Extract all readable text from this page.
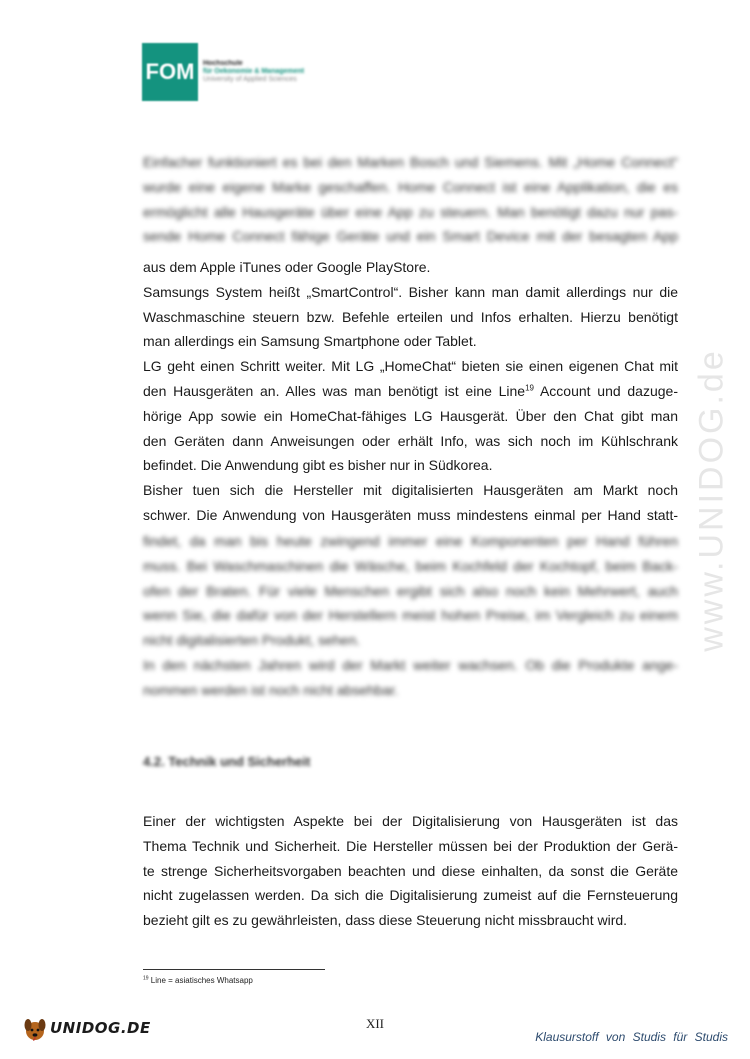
www.UNIDOG.de
FOM	Hochschule
für Oekonomie & Management
University of Applied Sciences
Einfacher funktioniert es bei den Marken Bosch und Siemens. Mit „Home Connect“
wurde eine eigene Marke geschaffen. Home Connect ist eine Applikation, die es
ermöglicht alle Hausgeräte über eine App zu steuern. Man benötigt dazu nur pas-
sende Home Connect fähige Geräte und ein Smart Device mit der besagten App
aus dem Apple iTunes oder Google PlayStore.
Samsungs System heißt „SmartControl“. Bisher kann man damit allerdings nur die
Waschmaschine steuern bzw. Befehle erteilen und Infos erhalten. Hierzu benötigt
man allerdings ein Samsung Smartphone oder Tablet.
LG geht einen Schritt weiter. Mit LG „HomeChat“ bieten sie einen eigenen Chat mit
den Hausgeräten an. Alles was man benötigt ist eine Line$^{19}$ Account und dazuge-
hörige App sowie ein HomeChat-fähiges LG Hausgerät. Über den Chat gibt man
den Geräten dann Anweisungen oder erhält Info, was sich noch im Kühlschrank
befindet. Die Anwendung gibt es bisher nur in Südkorea.
Bisher tuen sich die Hersteller mit digitalisierten Hausgeräten am Markt noch
schwer. Die Anwendung von Hausgeräten muss mindestens einmal per Hand statt-
findet, da man bis heute zwingend immer eine Komponenten per Hand führen
muss. Bei Waschmaschinen die Wäsche, beim Kochfeld der Kochtopf, beim Back-
ofen der Braten. Für viele Menschen ergibt sich also noch kein Mehrwert, auch
wenn Sie, die dafür von der Herstellern meist hohen Preise, im Vergleich zu einem
nicht digitalisierten Produkt, sehen.
In den nächsten Jahren wird der Markt weiter wachsen. Ob die Produkte ange-
nommen werden ist noch nicht absehbar.
4.2. Technik und Sicherheit
Einer der wichtigsten Aspekte bei der Digitalisierung von Hausgeräten ist das
Thema Technik und Sicherheit. Die Hersteller müssen bei der Produktion der Gerä-
te strenge Sicherheitsvorgaben beachten und diese einhalten, da sonst die Geräte
nicht zugelassen werden. Da sich die Digitalisierung zumeist auf die Fernsteuerung
bezieht gilt es zu gewährleisten, dass diese Steuerung nicht missbraucht wird.
$^{19}$ Line = asiatisches Whatsapp
UNIDOG.DE	XII
Klausurstoff von Studis für Studis
